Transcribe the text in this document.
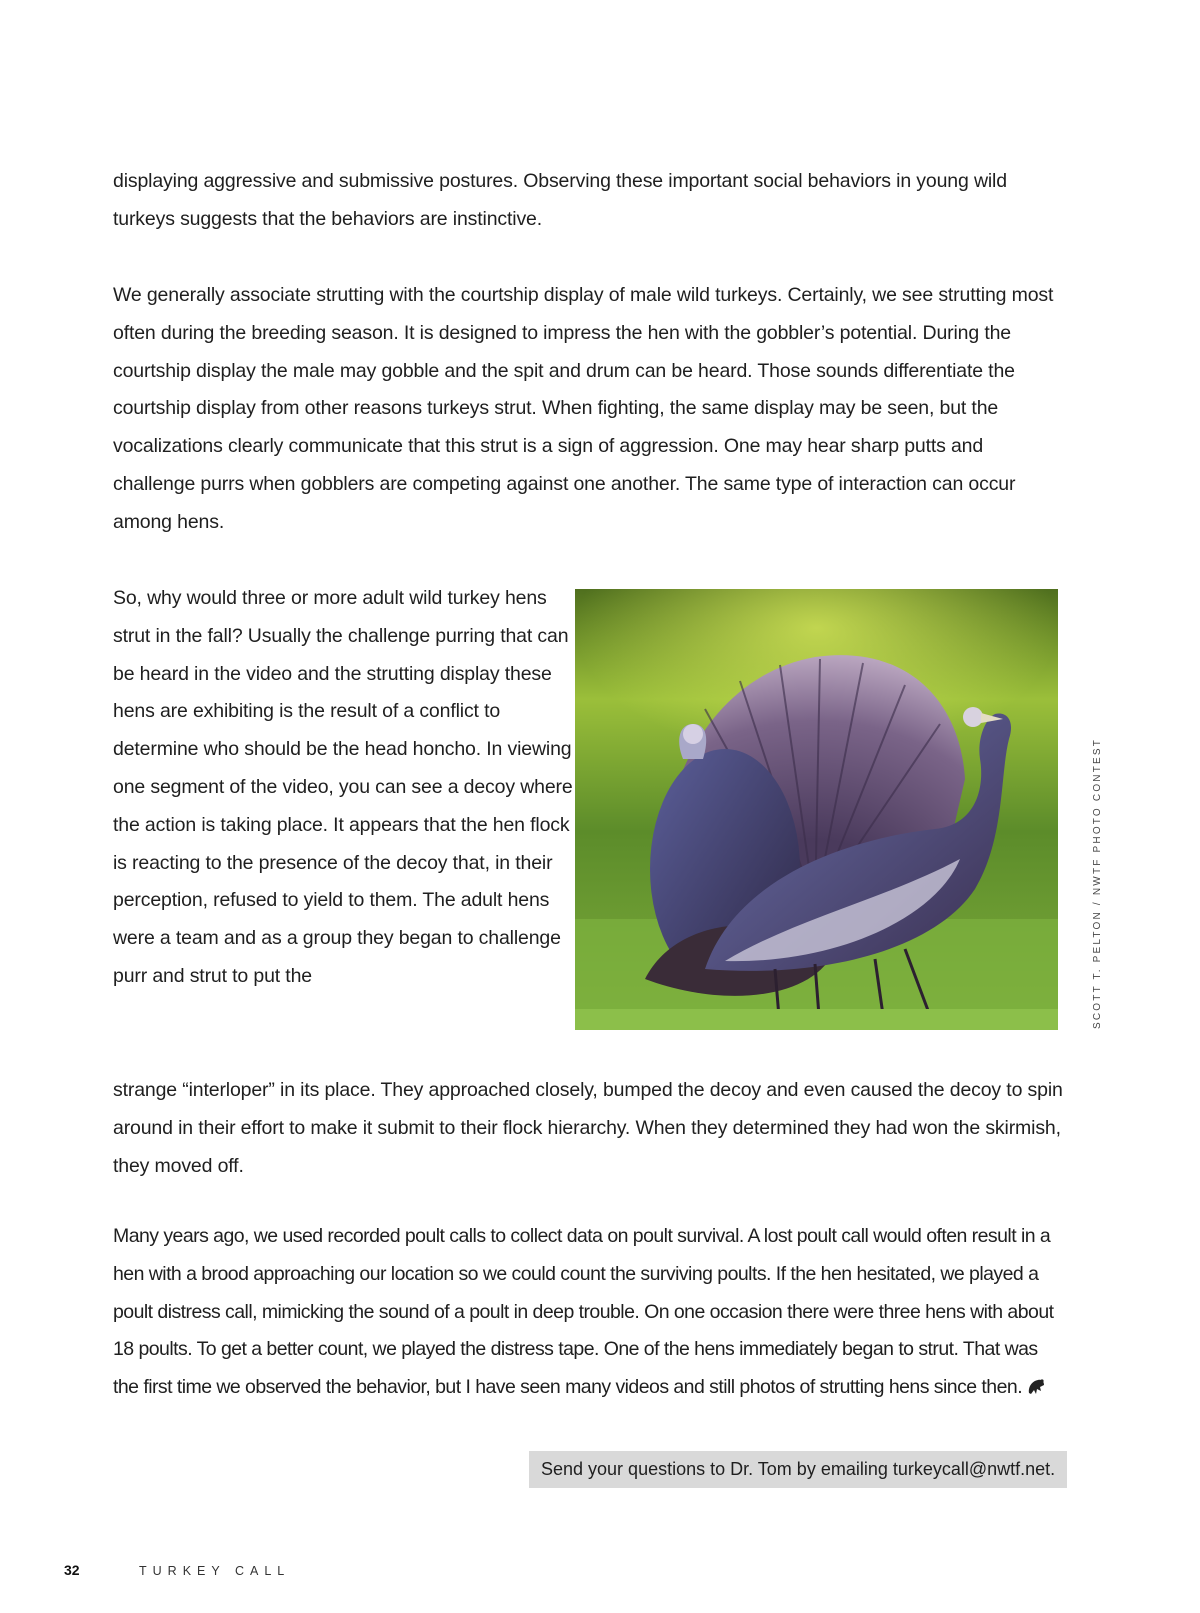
displaying aggressive and submissive postures. Observing these important social behaviors in young wild turkeys suggests that the behaviors are instinctive.

We generally associate strutting with the courtship display of male wild turkeys. Certainly, we see strutting most often during the breeding season. It is designed to impress the hen with the gobbler’s potential. During the courtship display the male may gobble and the spit and drum can be heard. Those sounds differentiate the courtship display from other reasons turkeys strut. When fighting, the same display may be seen, but the vocalizations clearly communicate that this strut is a sign of aggression. One may hear sharp putts and challenge purrs when gobblers are competing against one another. The same type of interaction can occur among hens.

So, why would three or more adult wild turkey hens strut in the fall? Usually the challenge purring that can be heard in the video and the strutting display these hens are exhibiting is the result of a conflict to determine who should be the head honcho. In viewing one segment of the video, you can see a decoy where the action is taking place. It appears that the hen flock is reacting to the presence of the decoy that, in their perception, refused to yield to them. The adult hens were a team and as a group they began to challenge purr and strut to put the

strange “interloper” in its place. They approached closely, bumped the decoy and even caused the decoy to spin around in their effort to make it submit to their flock hierarchy. When they determined they had won the skirmish, they moved off.

SCOTT T. PELTON / NWTF PHOTO CONTEST

Many years ago, we used recorded poult calls to collect data on poult survival. A lost poult call would often result in a hen with a brood approaching our location so we could count the surviving poults. If the hen hesitated, we played a poult distress call, mimicking the sound of a poult in deep trouble. On one occasion there were three hens with about 18 poults. To get a better count, we played the distress tape. One of the hens immediately began to strut. That was the first time we observed the behavior, but I have seen many videos and still photos of strutting hens since then.

Send your questions to Dr. Tom by emailing turkeycall@nwtf.net.
32	TURKEY CALL
